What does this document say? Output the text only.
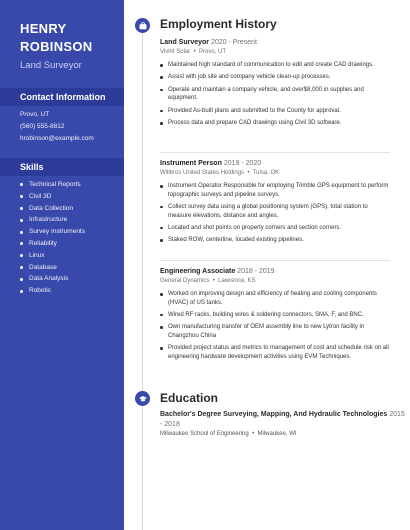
HENRY
ROBINSON
Land Surveyor
Contact Information
Provo, UT
(560) 555-8812
hrobinson@example.com
Skills
Technical Reports
Civil 3D
Data Collection
Infrastructure
Survey Instruments
Reliability
Linux
Database
Data Analysis
Robotic
Employment History
Land Surveyor 2020 - Present
Vivint Solar  •  Provo, UT
Maintained high standard of communication to edit and create CAD drawings.
Assist with job site and company vehicle clean-up processes.
Operate and maintain a company vehicle, and over$8,000 in supplies and equipment.
Provided As-built plans and submitted to the County for approval.
Process data and prepare CAD drawings using Civil 3D software.
Instrument Person 2019 - 2020
Willbros United States Holdings  •  Tulsa, OK
Instrument Operator Responsible for employing Trimble GPS equipment to perform topographic surveys and pipeline surveys.
Collect survey data using a global positioning system (GPS), total station to measure elevations, distance and angles.
Located and shot points on property corners and section corners.
Staked ROW, centerline, located existing pipelines.
Engineering Associate 2018 - 2019
General Dynamics  •  Lawrence, KS
Worked on improving design and efficiency of heating and cooling components (HVAC) of US tanks.
Wired RF racks, building wires & soldering connectors, SMA, F, and BNC.
Own manufacturing transfer of OEM assembly line to new Lytron facility in Changzhou China
Provided project status and metrics to management of cost and schedule risk on all engineering hardware development activities using EVM Techniques.
Education
Bachelor's Degree Surveying, Mapping, And Hydraulic Technologies 2015 - 2018
Milwaukee School of Engineering  •  Milwaukee, WI
